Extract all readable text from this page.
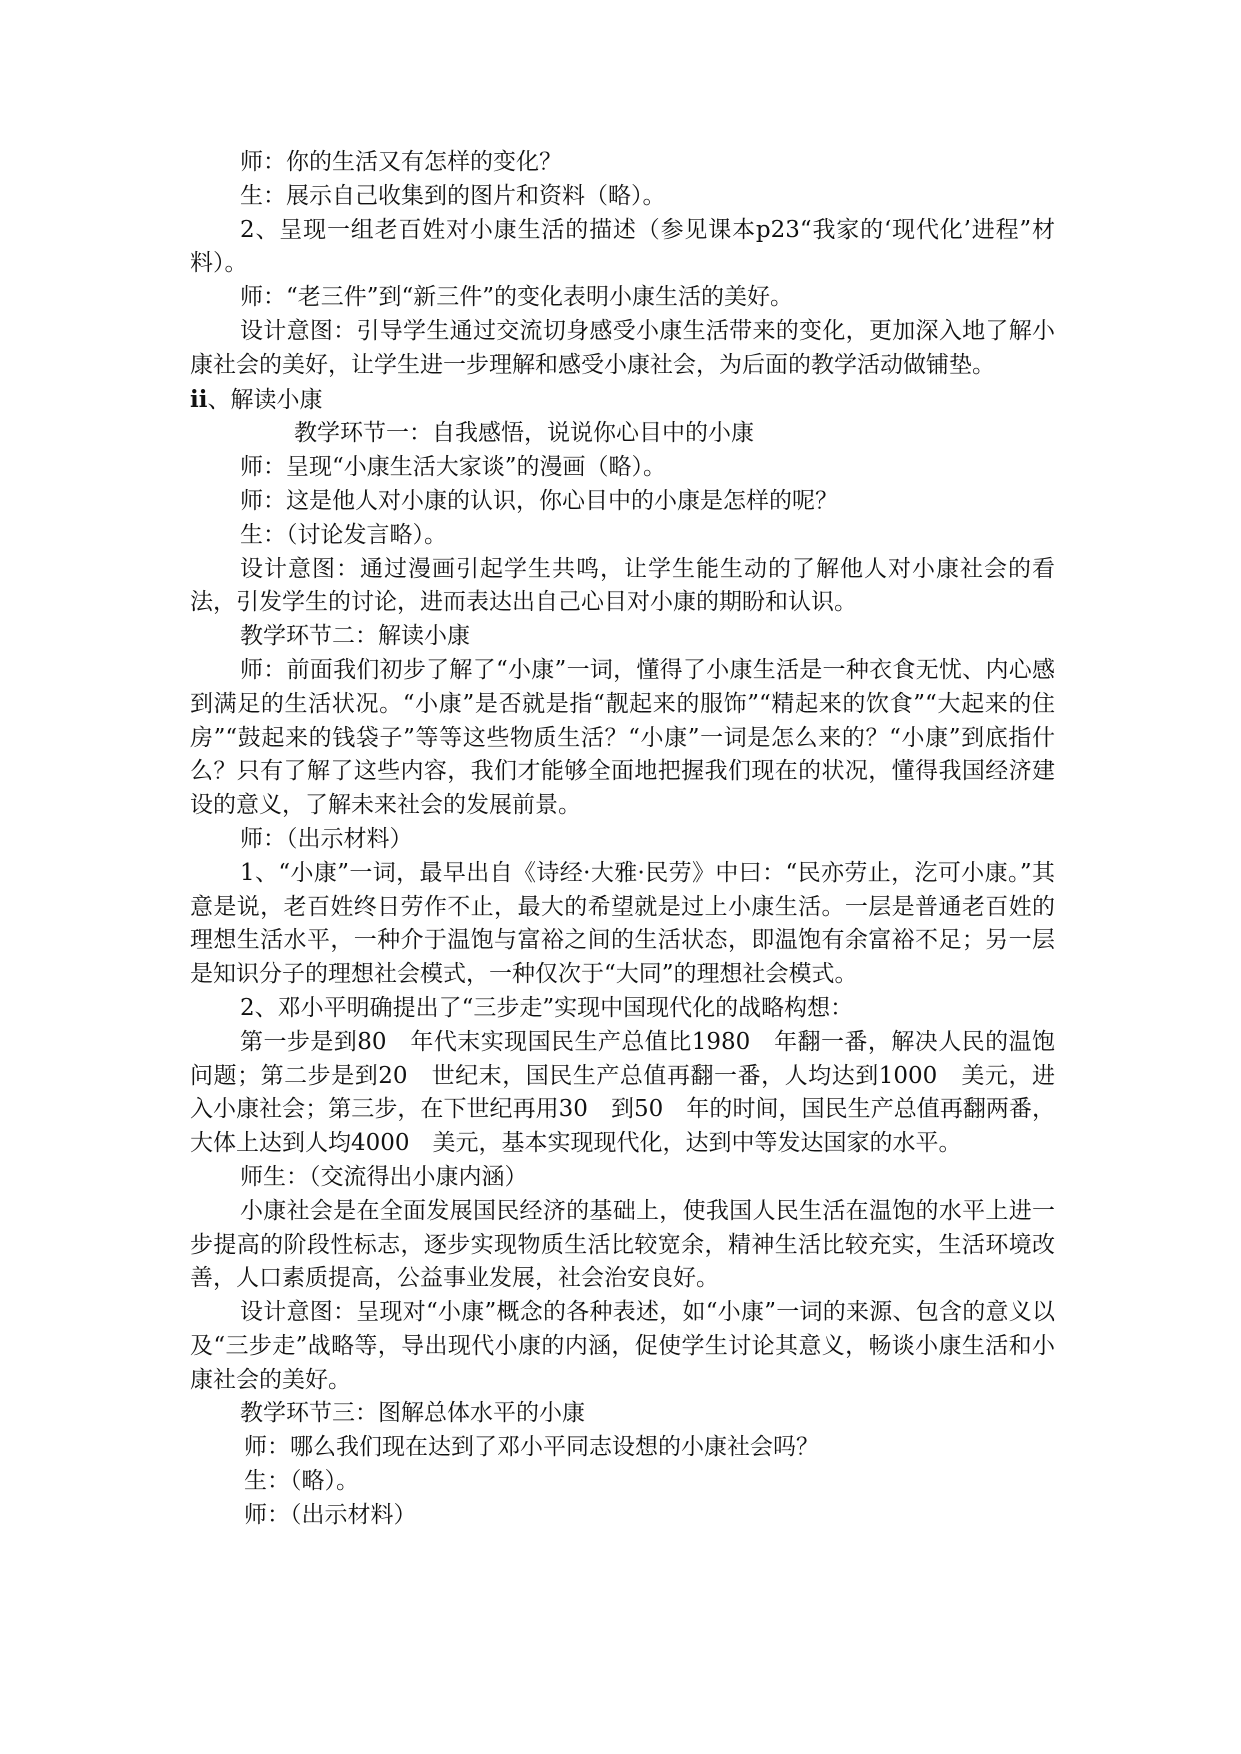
师：你的生活又有怎样的变化？

生：展示自己收集到的图片和资料（略）。

2、呈现一组老百姓对小康生活的描述（参见课本p23“我家的‘现代化’进程”材料）。

师：“老三件”到“新三件”的变化表明小康生活的美好。

设计意图：引导学生通过交流切身感受小康生活带来的变化，更加深入地了解小康社会的美好，让学生进一步理解和感受小康社会，为后面的教学活动做铺垫。

ⅱ、解读小康

教学环节一：自我感悟，说说你心目中的小康

师：呈现“小康生活大家谈”的漫画（略）。

师：这是他人对小康的认识，你心目中的小康是怎样的呢？

生：（讨论发言略）。

设计意图：通过漫画引起学生共鸣，让学生能生动的了解他人对小康社会的看法，引发学生的讨论，进而表达出自己心目对小康的期盼和认识。

教学环节二：解读小康

师：前面我们初步了解了“小康”一词，懂得了小康生活是一种衣食无忧、内心感到满足的生活状况。“小康”是否就是指“靓起来的服饰”“精起来的饮食”“大起来的住房”“鼓起来的钱袋子”等等这些物质生活？“小康”一词是怎么来的？“小康”到底指什么？只有了解了这些内容，我们才能够全面地把握我们现在的状况，懂得我国经济建设的意义，了解未来社会的发展前景。

师：（出示材料）

1、“小康”一词，最早出自《诗经·大雅·民劳》中曰：“民亦劳止，汔可小康。”其意是说，老百姓终日劳作不止，最大的希望就是过上小康生活。一层是普通老百姓的理想生活水平，一种介于温饱与富裕之间的生活状态，即温饱有余富裕不足；另一层是知识分子的理想社会模式，一种仅次于“大同”的理想社会模式。

2、邓小平明确提出了“三步走”实现中国现代化的战略构想：

第一步是到80　年代末实现国民生产总值比1980　年翻一番，解决人民的温饱问题；第二步是到20　世纪末，国民生产总值再翻一番，人均达到1000　美元，进入小康社会；第三步，在下世纪再用30　到50　年的时间，国民生产总值再翻两番，大体上达到人均4000　美元，基本实现现代化，达到中等发达国家的水平。

师生：（交流得出小康内涵）

小康社会是在全面发展国民经济的基础上，使我国人民生活在温饱的水平上进一步提高的阶段性标志，逐步实现物质生活比较宽余，精神生活比较充实，生活环境改善，人口素质提高，公益事业发展，社会治安良好。

设计意图：呈现对“小康”概念的各种表述，如“小康”一词的来源、包含的意义以及“三步走”战略等，导出现代小康的内涵，促使学生讨论其意义，畅谈小康生活和小康社会的美好。

教学环节三：图解总体水平的小康

师：哪么我们现在达到了邓小平同志设想的小康社会吗？

生：（略）。

师：（出示材料）
